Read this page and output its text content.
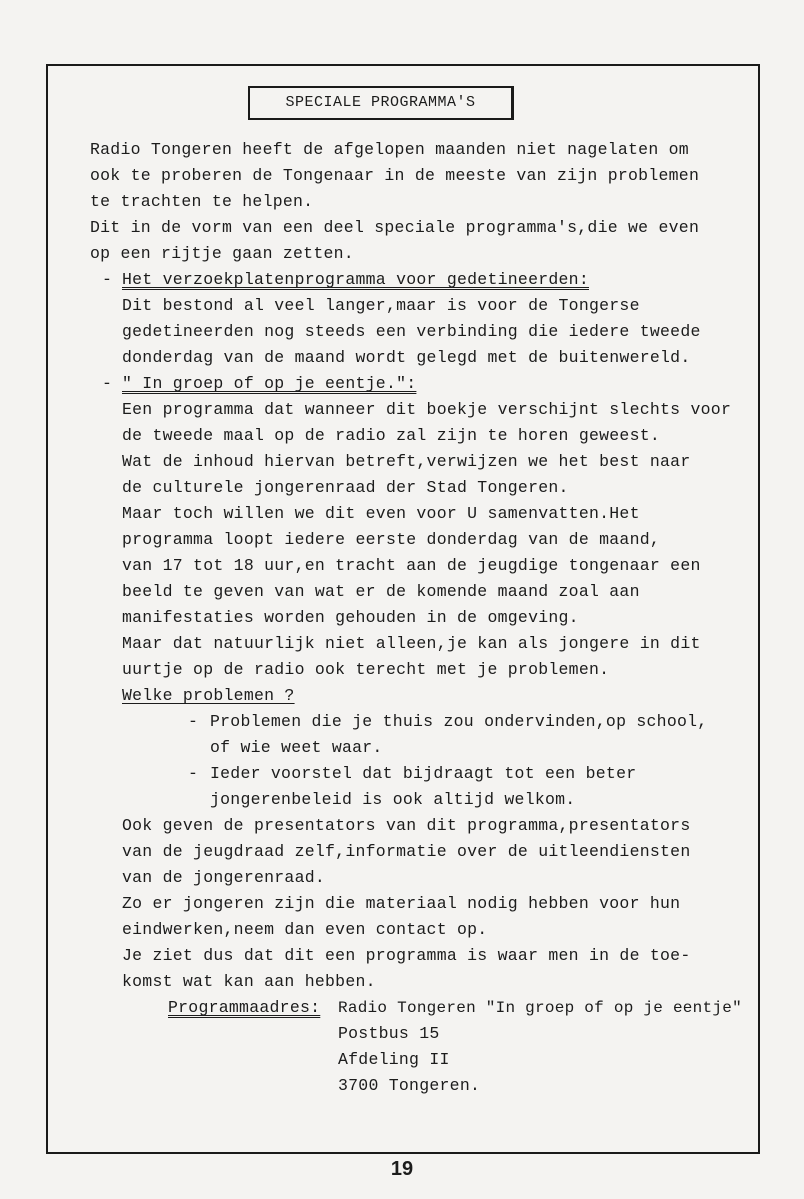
SPECIALE PROGRAMMA'S
Radio Tongeren heeft de afgelopen maanden niet nagelaten om
ook te proberen de Tongenaar in de meeste van zijn problemen
te trachten te helpen.
Dit in de vorm van een deel speciale programma's,die we even
op een rijtje gaan zetten.
- Het verzoekplatenprogramma voor gedetineerden:
Dit bestond al veel langer,maar is voor de Tongerse
gedetineerden nog steeds een verbinding die iedere tweede
donderdag van de maand wordt gelegd met de buitenwereld.
- " In groep of op je eentje.":
Een programma dat wanneer dit boekje verschijnt slechts voor
de tweede maal op de radio zal zijn te horen geweest.
Wat de inhoud hiervan betreft,verwijzen we het best naar
de culturele jongerenraad der Stad Tongeren.
Maar toch willen we dit even voor U samenvatten.Het
programma loopt iedere eerste donderdag van de maand,
van 17 tot 18 uur,en tracht aan de jeugdige tongenaar een
beeld te geven van wat er de komende maand zoal aan
manifestaties worden gehouden in de omgeving.
Maar dat natuurlijk niet alleen,je kan als jongere in dit
uurtje op de radio ook terecht met je problemen.
Welke problemen ?
- Problemen die je thuis zou ondervinden,op school,
of wie weet waar.
- Ieder voorstel dat bijdraagt tot een beter
jongerenbeleid is ook altijd welkom.
Ook geven de presentators van dit programma,presentators
van de jeugdraad zelf,informatie over de uitleendiensten
van de jongerenraad.
Zo er jongeren zijn die materiaal nodig hebben voor hun
eindwerken,neem dan even contact op.
Je ziet dus dat dit een programma is waar men in de toe-
komst wat kan aan hebben.
Programmaadres: Radio Tongeren "In groep of op je eentje"
Postbus 15
Afdeling II
3700 Tongeren.
19
